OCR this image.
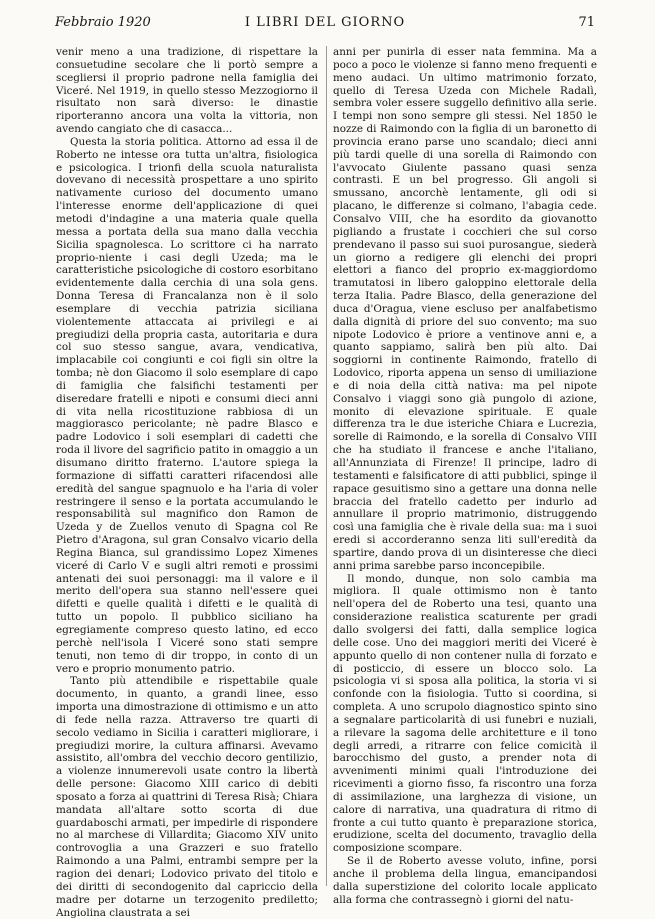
Febbraio 1920	I LIBRI DEL GIORNO	71

venir meno a una tradizione, di rispettare la consuetudine secolare che li portò sempre a scegliersi il proprio padrone nella famiglia dei Viceré. Nel 1919, in quello stesso Mezzogiorno il risultato non sarà diverso: le dinastie riporteranno ancora una volta la vittoria, non avendo cangiato che di casacca...

Questa la storia politica. Attorno ad essa il de Roberto ne intesse ora tutta un'altra, fisiologica e psicologica. I trionfi della scuola naturalista dovevano di necessità prospettare a uno spirito nativamente curioso del documento umano l'interesse enorme dell'applicazione di quei metodi d'indagine a una materia quale quella messa a portata della sua mano dalla vecchia Sicilia spagnolesca. Lo scrittore ci ha narrato proprio-niente i casi degli Uzeda; ma le caratteristiche psicologiche di costoro esorbitano evidentemente dalla cerchia di una sola gens. Donna Teresa di Francalanza non è il solo esemplare di vecchia patrizia siciliana violentemente attaccata ai privilegi e ai pregiudizi della propria casta, autoritaria e dura col suo stesso sangue, avara, vendicativa, implacabile coi congiunti e coi figli sin oltre la tomba; nè don Giacomo il solo esemplare di capo di famiglia che falsifichi testamenti per diseredare fratelli e nipoti e consumi dieci anni di vita nella ricostituzione rabbiosa di un maggiorasco pericolante; nè padre Blasco e padre Lodovico i soli esemplari di cadetti che roda il livore del sagrificio patito in omaggio a un disumano diritto fraterno. L'autore spiega la formazione di siffatti caratteri rifacendosi alle eredità del sangue spagnuolo e ha l'aria di voler restringere il senso e la portata accumulando le responsabilità sul magnifico don Ramon de Uzeda y de Zuellos venuto di Spagna col Re Pietro d'Aragona, sul gran Consalvo vicario della Regina Bianca, sul grandissimo Lopez Ximenes viceré di Carlo V e sugli altri remoti e prossimi antenati dei suoi personaggi: ma il valore e il merito dell'opera sua stanno nell'essere quei difetti e quelle qualità i difetti e le qualità di tutto un popolo. Il pubblico siciliano ha egregiamente compreso questo latino, ed ecco perchè nell'isola I Viceré sono stati sempre tenuti, non temo di dir troppo, in conto di un vero e proprio monumento patrio.

Tanto più attendibile e rispettabile quale documento, in quanto, a grandi linee, esso importa una dimostrazione di ottimismo e un atto di fede nella razza. Attraverso tre quarti di secolo vediamo in Sicilia i caratteri migliorare, i pregiudizi morire, la cultura affinarsi. Avevamo assistito, all'ombra del vecchio decoro gentilizio, a violenze innumerevoli usate contro la libertà delle persone: Giacomo XIII carico di debiti sposato a forza ai quattrini di Teresa Risà; Chiara mandata all'altare sotto scorta di due guardaboschi armati, per impedirle di rispondere no al marchese di Villardita; Giacomo XIV unito controvoglia a una Grazzeri e suo fratello Raimondo a una Palmi, entrambi sempre per la ragion dei denari; Lodovico privato del titolo e dei diritti di secondogenito dal capriccio della madre per dotarne un terzogenito prediletto; Angiolina claustrata a sei

anni per punirla di esser nata femmina. Ma a poco a poco le violenze si fanno meno frequenti e meno audaci. Un ultimo matrimonio forzato, quello di Teresa Uzeda con Michele Radalì, sembra voler essere suggello definitivo alla serie. I tempi non sono sempre gli stessi. Nel 1850 le nozze di Raimondo con la figlia di un baronetto di provincia erano parse uno scandalo; dieci anni più tardi quelle di una sorella di Raimondo con l'avvocato Giulente passano quasi senza contrasti. E un bel progresso. Gli angoli si smussano, ancorchè lentamente, gli odi si placano, le differenze si colmano, l'abagia cede. Consalvo VIII, che ha esordito da giovanotto pigliando a frustate i cocchieri che sul corso prendevano il passo sui suoi purosangue, siederà un giorno a redigere gli elenchi dei propri elettori a fianco del proprio ex-maggiordomo tramutatosi in libero galoppino elettorale della terza Italia. Padre Blasco, della generazione del duca d'Oragua, viene escluso per analfabetismo dalla dignità di priore del suo convento; ma suo nipote Lodovico è priore a ventinove anni e, a quanto sappiamo, salirà ben più alto. Dai soggiorni in continente Raimondo, fratello di Lodovico, riporta appena un senso di umiliazione e di noia della città nativa: ma pel nipote Consalvo i viaggi sono già pungolo di azione, monito di elevazione spirituale. E quale differenza tra le due isteriche Chiara e Lucrezia, sorelle di Raimondo, e la sorella di Consalvo VIII che ha studiato il francese e anche l'italiano, all'Annunziata di Firenze! Il principe, ladro di testamenti e falsificatore di atti pubblici, spinge il rapace gesuitismo sino a gettare una donna nelle braccia del fratello cadetto per indurlo ad annullare il proprio matrimonio, distruggendo così una famiglia che è rivale della sua: ma i suoi eredi si accorderanno senza liti sull'eredità da spartire, dando prova di un disinteresse che dieci anni prima sarebbe parso inconcepibile.

Il mondo, dunque, non solo cambia ma migliora. Il quale ottimismo non è tanto nell'opera del de Roberto una tesi, quanto una considerazione realistica scaturente per gradi dallo svolgersi dei fatti, dalla semplice logica delle cose. Uno dei maggiori meriti dei Viceré è appunto quello di non contener nulla di forzato e di posticcio, di essere un blocco solo. La psicologia vi si sposa alla politica, la storia vi si confonde con la fisiologia. Tutto si coordina, si completa. A uno scrupolo diagnostico spinto sino a segnalare particolarità di usi funebri e nuziali, a rilevare la sagoma delle architetture e il tono degli arredi, a ritrarre con felice comicità il barocchismo del gusto, a prender nota di avvenimenti minimi quali l'introduzione dei ricevimenti a giorno fisso, fa riscontro una forza di assimilazione, una larghezza di visione, un calore di narrativa, una quadratura di ritmo di fronte a cui tutto quanto è preparazione storica, erudizione, scelta del documento, travaglio della composizione scompare.

Se il de Roberto avesse voluto, infine, porsi anche il problema della lingua, emancipandosi dalla superstizione del colorito locale applicato alla forma che contrassegnò i giorni del natu-
